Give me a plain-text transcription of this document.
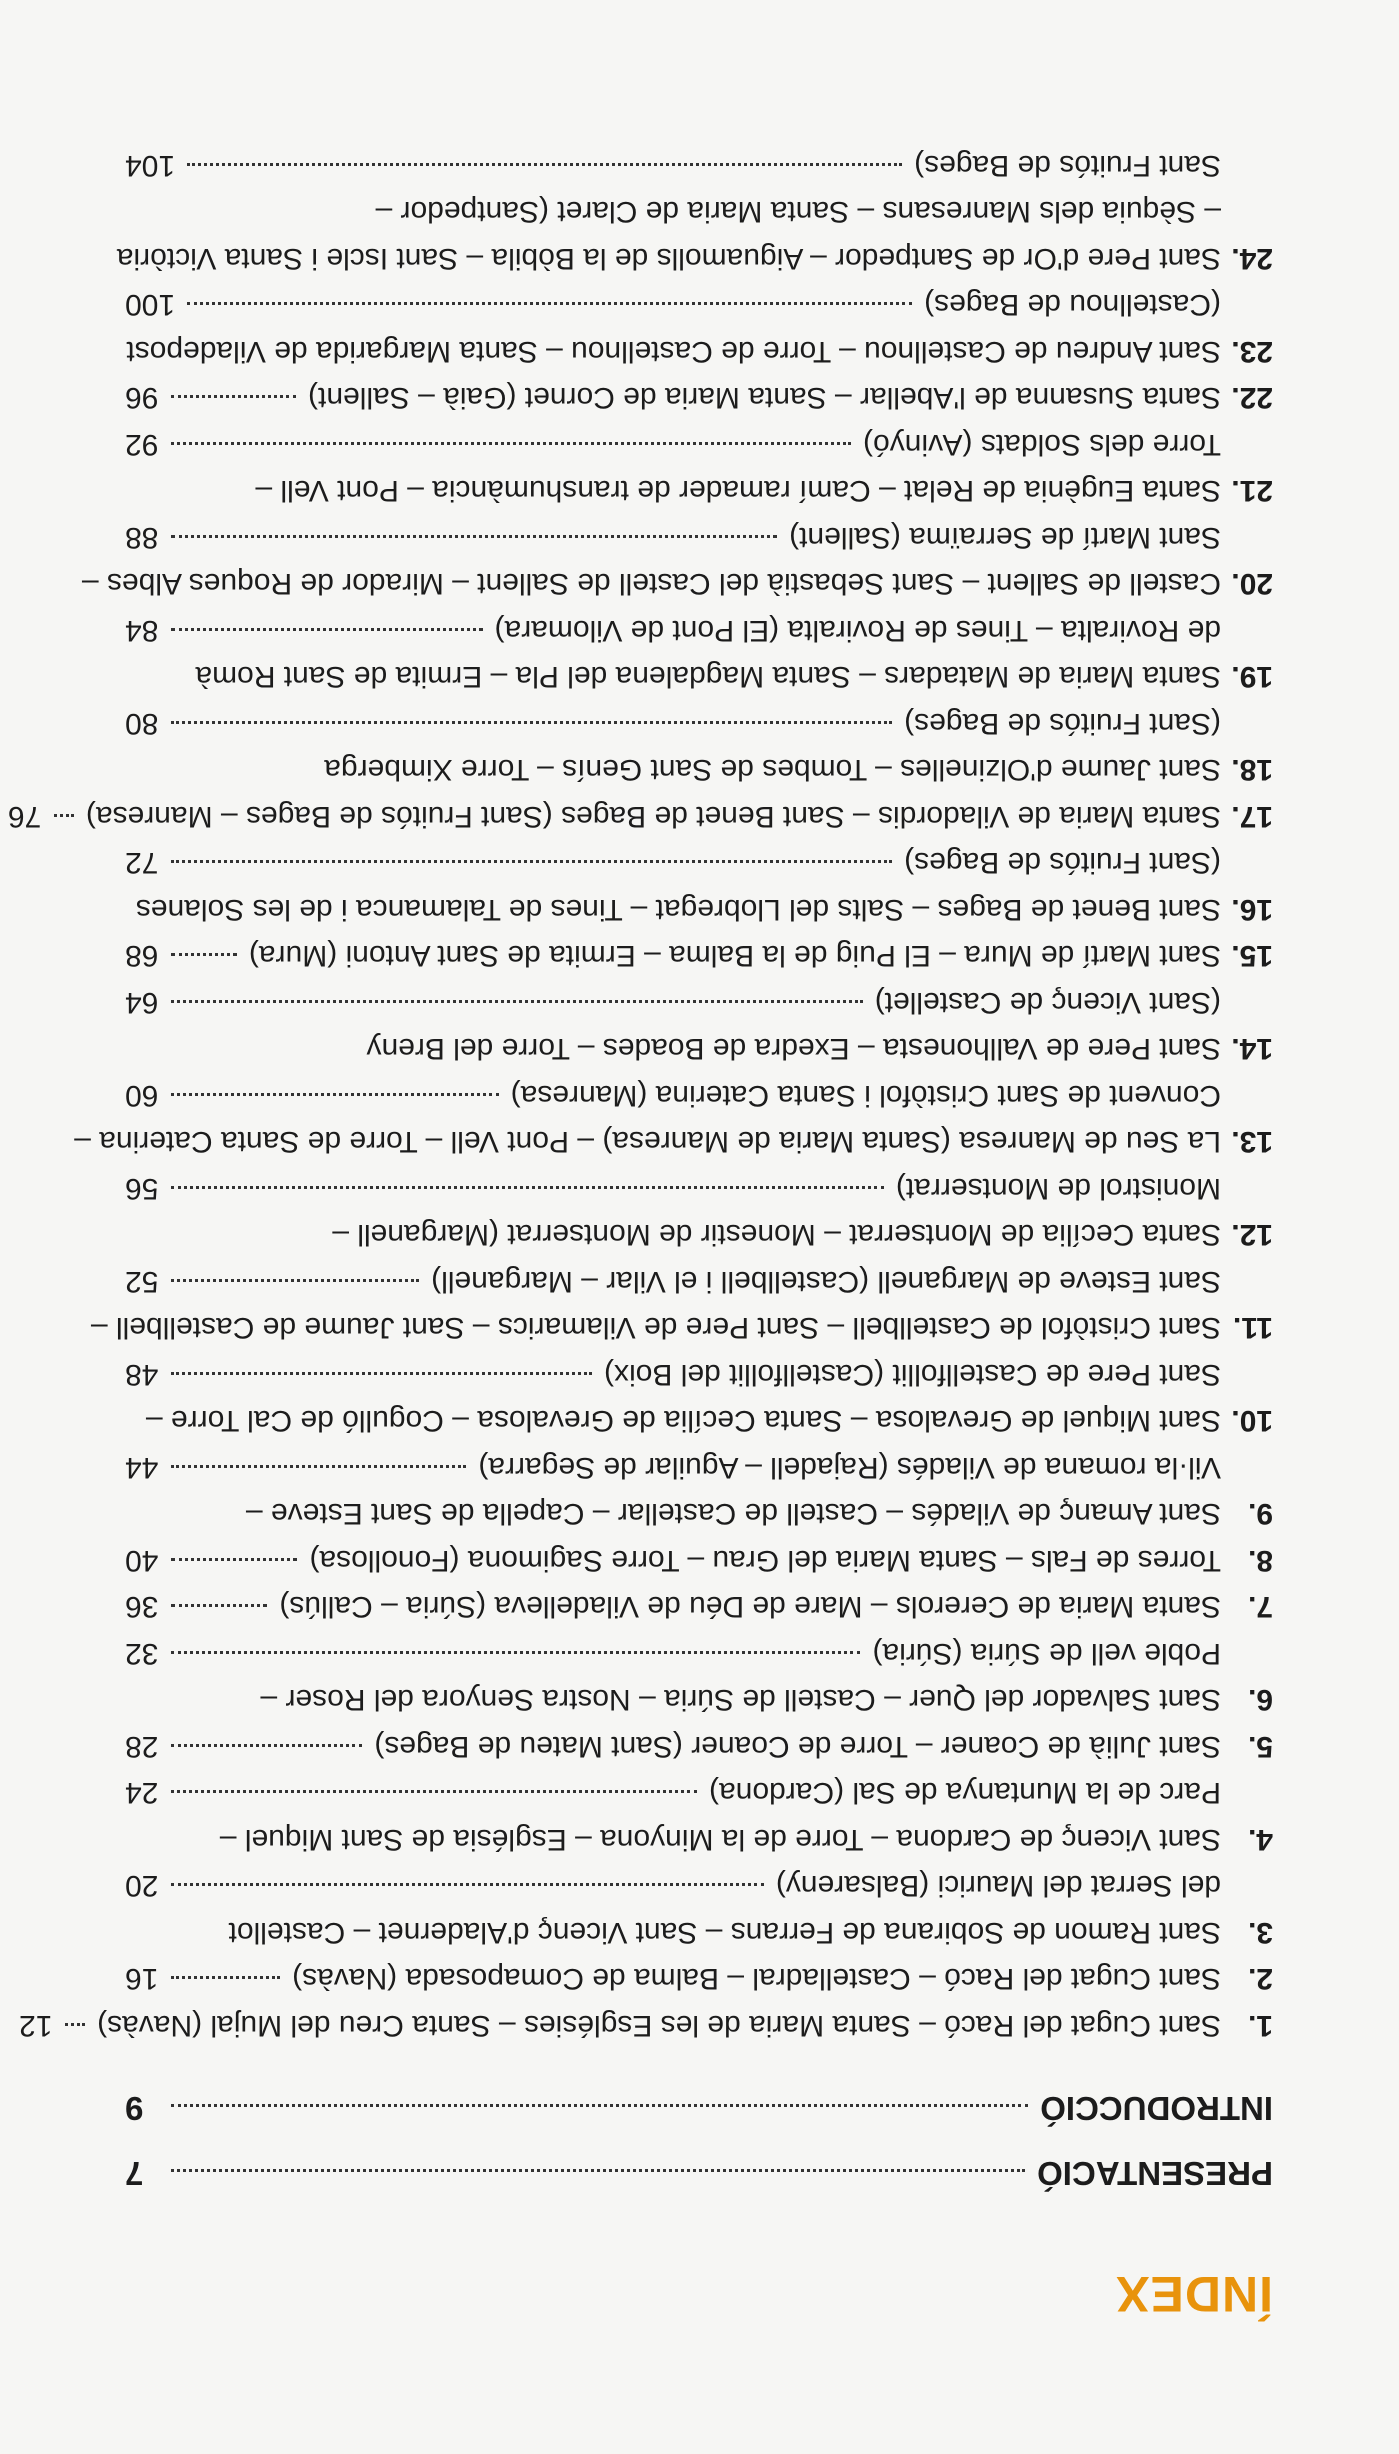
ÍNDEX
PRESENTACIÓ
7
INTRODUCCIÓ
9
1.
Sant Cugat del Racó – Santa Maria de les Esglésies – Santa Creu del Mujal (Navàs)
12
2.
Sant Cugat del Racó – Castelladral – Balma de Comaposada (Navàs)
16
3.
Sant Ramon de Sobirana de Ferrans – Sant Vicenç d'Aladernet – Castellot
del Serrat del Maurici (Balsareny)
20
4.
Sant Vicenç de Cardona – Torre de la Minyona – Església de Sant Miquel –
Parc de la Muntanya de Sal (Cardona)
24
5.
Sant Julià de Coaner – Torre de Coaner (Sant Mateu de Bages)
28
6.
Sant Salvador del Quer – Castell de Súria – Nostra Senyora del Roser –
Poble vell de Súria (Súria)
32
7.
Santa Maria de Cererols – Mare de Déu de Viladelleva (Súria – Callús)
36
8.
Torres de Fals – Santa Maria del Grau – Torre Sagimona (Fonollosa)
40
9.
Sant Amanç de Viladés – Castell de Castellar – Capella de Sant Esteve –
Vil·la romana de Viladés (Rajadell – Aguilar de Segarra)
44
10.
Sant Miquel de Grevalosa – Santa Cecília de Grevalosa – Cogulló de Cal Torre –
Sant Pere de Castellfollit (Castellfollit del Boix)
48
11.
Sant Cristòfol de Castellbell – Sant Pere de Vilamarics – Sant Jaume de Castellbell –
Sant Esteve de Marganell (Castellbell i el Vilar – Marganell)
52
12.
Santa Cecília de Montserrat – Monestir de Montserrat (Marganell –
Monistrol de Montserrat)
56
13.
La Seu de Manresa (Santa Maria de Manresa) – Pont Vell – Torre de Santa Caterina –
Convent de Sant Cristòfol i Santa Caterina (Manresa)
60
14.
Sant Pere de Vallhonesta – Exedra de Boades – Torre del Breny
(Sant Vicenç de Castellet)
64
15.
Sant Martí de Mura – El Puig de la Balma – Ermita de Sant Antoni (Mura)
68
16.
Sant Benet de Bages – Salts del Llobregat – Tines de Talamanca i de les Solanes
(Sant Fruitós de Bages)
72
17.
Santa Maria de Viladordis – Sant Benet de Bages (Sant Fruitós de Bages – Manresa)
76
18.
Sant Jaume d'Olzinelles – Tombes de Sant Genís – Torre Ximberga
(Sant Fruitós de Bages)
80
19.
Santa Maria de Matadars – Santa Magdalena del Pla – Ermita de Sant Romà
de Roviralta – Tines de Roviralta (El Pont de Vilomara)
84
20.
Castell de Sallent – Sant Sebastià del Castell de Sallent – Mirador de Roques Albes –
Sant Martí de Serraïma (Sallent)
88
21.
Santa Eugènia de Relat – Camí ramader de transhumància – Pont Vell –
Torre dels Soldats (Avinyó)
92
22.
Santa Susanna de l'Abellar – Santa Maria de Cornet (Gaià – Sallent)
96
23.
Sant Andreu de Castellnou – Torre de Castellnou – Santa Margarida de Viladepost
(Castellnou de Bages)
100
24.
Sant Pere d'Or de Santpedor – Aiguamolls de la Bòbila – Sant Iscle i Santa Victòria
– Sèquia dels Manresans – Santa Maria de Claret (Santpedor –
Sant Fruitós de Bages)
104
